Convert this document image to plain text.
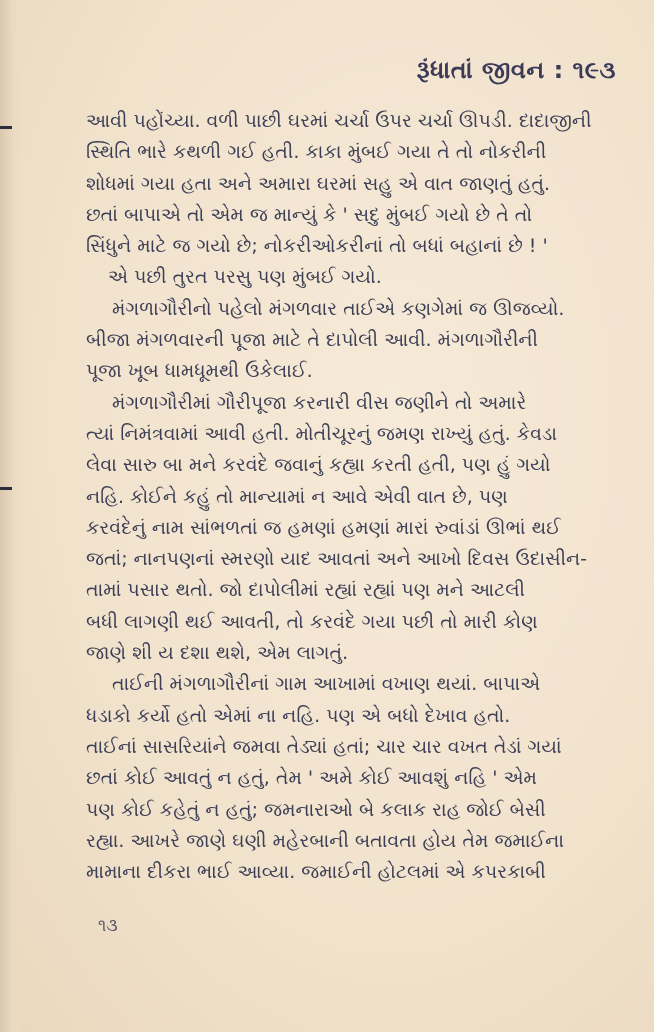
રૂંધાતાં જીવન : ૧૯૩
આવી પહોંચ્યા. વળી પાછી ઘરમાં ચર્ચા ઉપર ચર્ચા ઊપડી. દાદાજીની
સ્થિતિ ભારે કથળી ગઈ હતી. કાકા મુંબઈ ગયા તે તો નોકરીની
શોધમાં ગયા હતા અને અમારા ઘરમાં સહુ એ વાત જાણતું હતું.
છતાં બાપાએ તો એમ જ માન્યું કે ' સદુ મુંબઈ ગયો છે તે તો
સિંધુને માટે જ ગયો છે; નોકરીઓકરીનાં તો બધાં બહાનાં છે ! '
એ પછી તુરત પરસુ પણ મુંબઈ ગયો.
મંગળાગૌરીનો પહેલો મંગળવાર તાઈએ કણગેમાં જ ઊજવ્યો.
બીજા મંગળવારની પૂજા માટે તે દાપોલી આવી. મંગળાગૌરીની
પૂજા ખૂબ ધામધૂમથી ઉકેલાઈ.
મંગળાગૌરીમાં ગૌરીપૂજા કરનારી વીસ જણીને તો અમારે
ત્યાં નિમંત્રવામાં આવી હતી. મોતીચૂરનું જમણ રાખ્યું હતું. કેવડા
લેવા સારુ બા મને કરવંદે જવાનું કહ્યા કરતી હતી, પણ હું ગયો
નહિ. કોઈને કહું તો માન્યામાં ન આવે એવી વાત છે, પણ
કરવંદેનું નામ સાંભળતાં જ હમણાં હમણાં મારાં રુવાંડાં ઊભાં થઈ
જતાં; નાનપણનાં સ્મરણો યાદ આવતાં અને આખો દિવસ ઉદાસીન-
તામાં પસાર થતો. જો દાપોલીમાં રહ્યાં રહ્યાં પણ મને આટલી
બધી લાગણી થઈ આવતી, તો કરવંદે ગયા પછી તો મારી કોણ
જાણે શી ય દશા થશે, એમ લાગતું.
તાઈની મંગળાગૌરીનાં ગામ આખામાં વખાણ થયાં. બાપાએ
ધડાકો કર્યો હતો એમાં ના નહિ. પણ એ બધો દેખાવ હતો.
તાઈનાં સાસરિયાંને જમવા તેડ્યાં હતાં; ચાર ચાર વખત તેડાં ગયાં
છતાં કોઈ આવતું ન હતું, તેમ ' અમે કોઈ આવશું નહિ ' એમ
પણ કોઈ કહેતું ન હતું; જમનારાઓ બે કલાક રાહ જોઈ બેસી
રહ્યા. આખરે જાણે ઘણી મહેરબાની બતાવતા હોય તેમ જમાઈના
મામાના દીકરા ભાઈ આવ્યા. જમાઈની હોટલમાં એ કપરકાબી
૧૩
